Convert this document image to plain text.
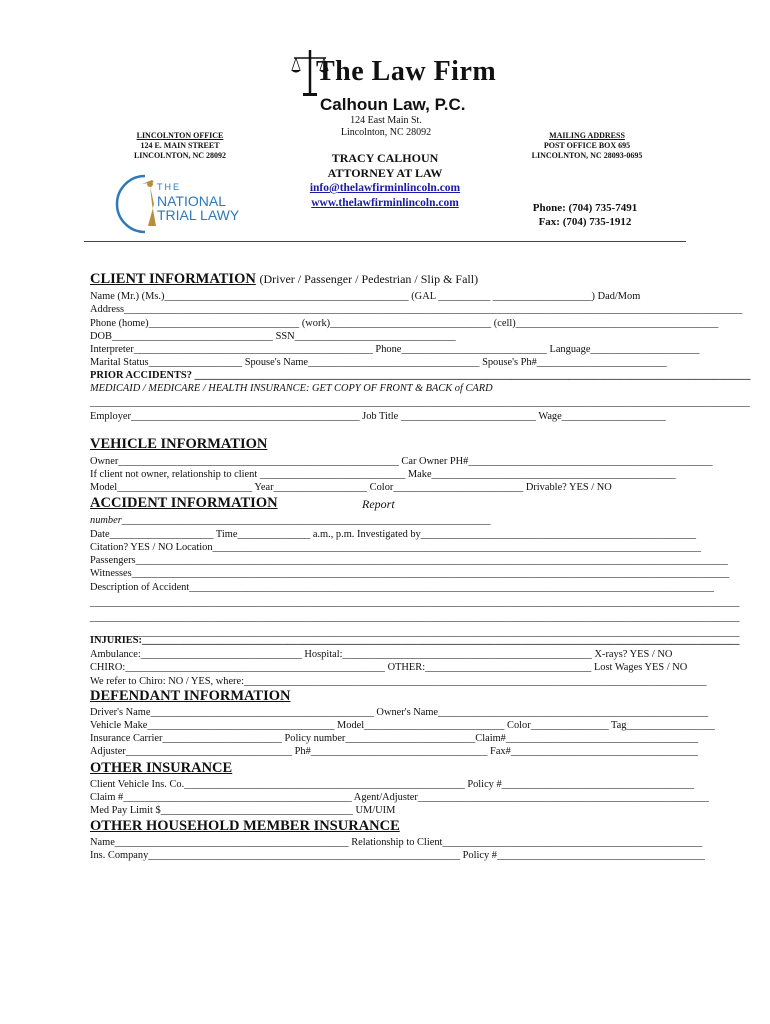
The Law Firm
Calhoun Law, P.C.
124 East Main St.
Lincolnton, NC 28092
LINCOLNTON OFFICE
124 E. MAIN STREET
LINCOLNTON, NC 28092
MAILING ADDRESS
POST OFFICE BOX 695
LINCOLNTON, NC 28093-0695
TRACY CALHOUN
ATTORNEY AT LAW
info@thelawfirminlincoln.com
www.thelawfirminlincoln.com	Phone: (704) 735-7491
Fax: (704) 735-1912
THE
NATIONAL
TRIAL LAWY
CLIENT INFORMATION (Driver / Passenger / Pedestrian / Slip & Fall)
Name (Mr.) (Ms.)_______________________________________________ (GAL __________ ___________________) Dad/Mom
Address_______________________________________________________________________________________________________________________
Phone (home)_____________________________ (work)_______________________________ (cell)_______________________________________
DOB_______________________________ SSN_______________________________
Interpreter______________________________________________ Phone____________________________ Language_____________________
Marital Status__________________ Spouse's Name_________________________________ Spouse's Ph#_________________________
PRIOR ACCIDENTS? ___________________________________________________________________________________________________________
MEDICAID / MEDICARE / HEALTH INSURANCE: GET COPY OF FRONT & BACK of CARD
_______________________________________________________________________________________________________________________________
Employer____________________________________________ Job Title __________________________ Wage____________________
VEHICLE INFORMATION
Owner______________________________________________________ Car Owner PH#_______________________________________________
If client not owner, relationship to client ____________________________ Make_______________________________________________
Model__________________________ Year__________________ Color_________________________ Drivable? YES / NO
ACCIDENT INFORMATION	Report
number_______________________________________________________________________
Date____________________ Time______________ a.m., p.m. Investigated by_____________________________________________________
Citation? YES / NO Location______________________________________________________________________________________________
Passengers__________________________________________________________________________________________________________________
Witnesses___________________________________________________________________________________________________________________
Description of Accident_____________________________________________________________________________________________________
_____________________________________________________________________________________________________________________________
_____________________________________________________________________________________________________________________________
_____________________________________________________________________________________________________________________________
INJURIES:___________________________________________________________________________________________________________________
Ambulance:_______________________________ Hospital:________________________________________________ X-rays? YES / NO
CHIRO:__________________________________________________ OTHER:________________________________ Lost Wages YES / NO
We refer to Chiro: NO / YES, where:_________________________________________________________________________________________
DEFENDANT INFORMATION
Driver's Name___________________________________________ Owner's Name____________________________________________________
Vehicle Make____________________________________ Model___________________________ Color_______________ Tag_________________
Insurance Carrier_______________________ Policy number_________________________Claim#_____________________________________
Adjuster________________________________ Ph#__________________________________ Fax#____________________________________
OTHER INSURANCE
Client Vehicle Ins. Co.______________________________________________________ Policy #_____________________________________
Claim #____________________________________________ Agent/Adjuster________________________________________________________
Med Pay Limit $_____________________________________ UM/UIM
OTHER HOUSEHOLD MEMBER INSURANCE
Name_____________________________________________ Relationship to Client__________________________________________________
Ins. Company____________________________________________________________ Policy #________________________________________
